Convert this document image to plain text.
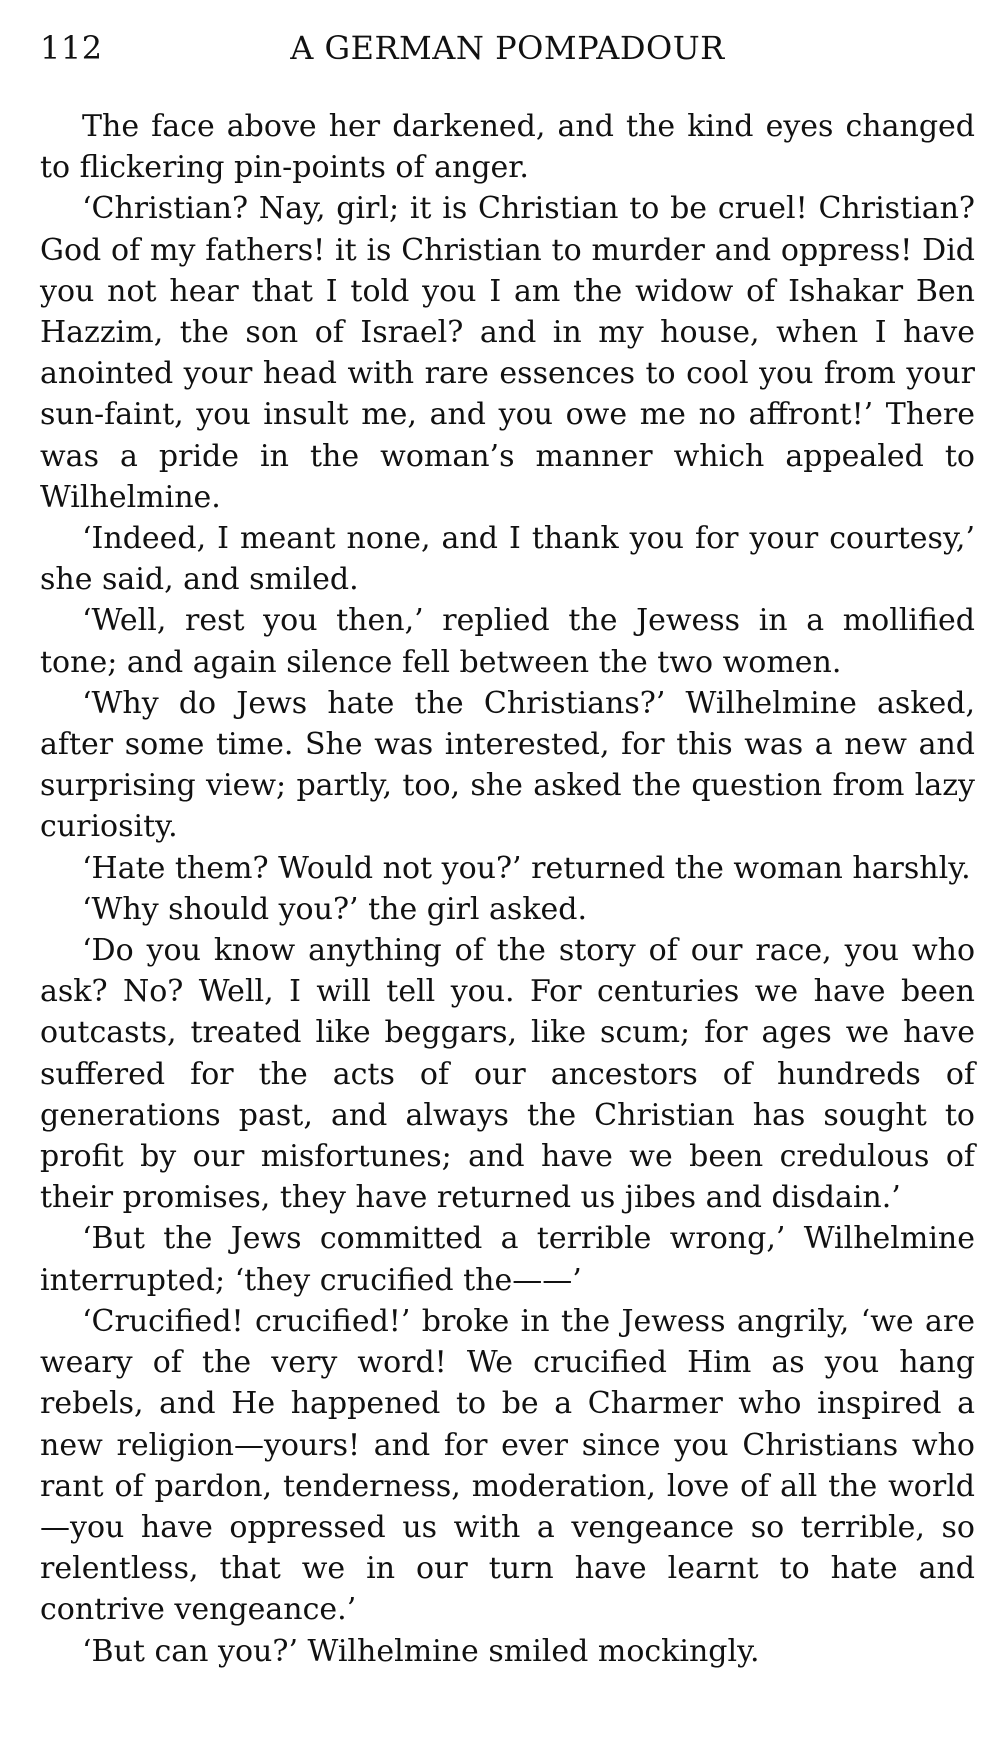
112	A GERMAN POMPADOUR

The face above her darkened, and the kind eyes changed to flickering pin-points of anger.

‘Christian? Nay, girl; it is Christian to be cruel! Christian? God of my fathers! it is Christian to murder and oppress! Did you not hear that I told you I am the widow of Ishakar Ben Hazzim, the son of Israel? and in my house, when I have anointed your head with rare essences to cool you from your sun-faint, you insult me, and you owe me no affront!’ There was a pride in the woman’s manner which appealed to Wilhelmine.

‘Indeed, I meant none, and I thank you for your courtesy,’ she said, and smiled.

‘Well, rest you then,’ replied the Jewess in a mollified tone; and again silence fell between the two women.

‘Why do Jews hate the Christians?’ Wilhelmine asked, after some time. She was interested, for this was a new and surprising view; partly, too, she asked the question from lazy curiosity.

‘Hate them? Would not you?’ returned the woman harshly.

‘Why should you?’ the girl asked.

‘Do you know anything of the story of our race, you who ask? No? Well, I will tell you. For centuries we have been outcasts, treated like beggars, like scum; for ages we have suffered for the acts of our ancestors of hundreds of generations past, and always the Christian has sought to profit by our misfortunes; and have we been credulous of their promises, they have returned us jibes and disdain.’

‘But the Jews committed a terrible wrong,’ Wilhelmine interrupted; ‘they crucified the——’

‘Crucified! crucified!’ broke in the Jewess angrily, ‘we are weary of the very word! We crucified Him as you hang rebels, and He happened to be a Charmer who inspired a new religion—yours! and for ever since you Christians who rant of pardon, tenderness, moderation, love of all the world—you have oppressed us with a vengeance so terrible, so relentless, that we in our turn have learnt to hate and contrive vengeance.’

‘But can you?’ Wilhelmine smiled mockingly.
